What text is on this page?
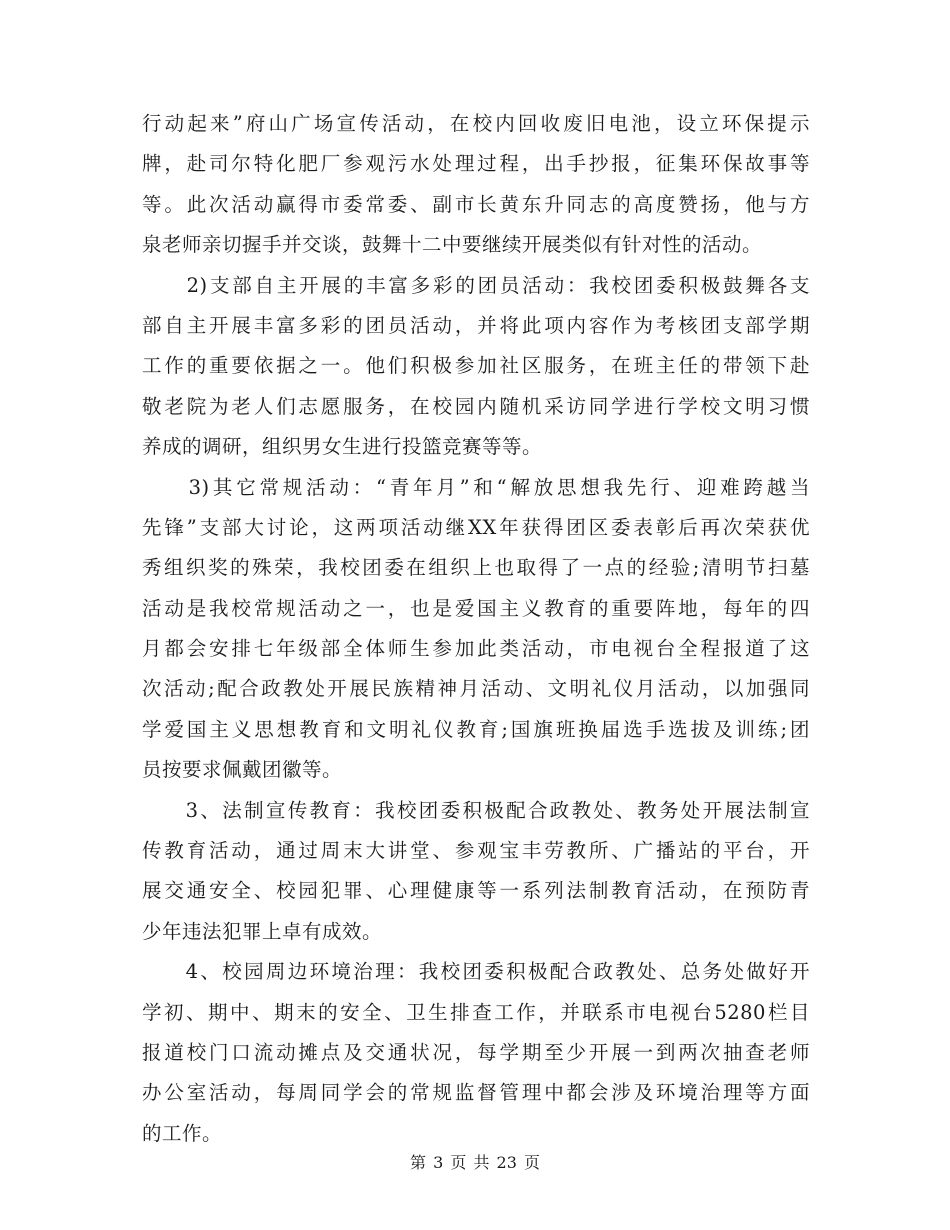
行动起来”府山广场宣传活动，在校内回收废旧电池，设立环保提示
牌，赴司尔特化肥厂参观污水处理过程，出手抄报，征集环保故事等
等。此次活动赢得市委常委、副市长黄东升同志的高度赞扬，他与方
泉老师亲切握手并交谈，鼓舞十二中要继续开展类似有针对性的活动。
　　2)支部自主开展的丰富多彩的团员活动：我校团委积极鼓舞各支
部自主开展丰富多彩的团员活动，并将此项内容作为考核团支部学期
工作的重要依据之一。他们积极参加社区服务，在班主任的带领下赴
敬老院为老人们志愿服务，在校园内随机采访同学进行学校文明习惯
养成的调研，组织男女生进行投篮竞赛等等。
　　3)其它常规活动：“青年月”和“解放思想我先行、迎难跨越当
先锋”支部大讨论，这两项活动继XX年获得团区委表彰后再次荣获优
秀组织奖的殊荣，我校团委在组织上也取得了一点的经验;清明节扫墓
活动是我校常规活动之一，也是爱国主义教育的重要阵地，每年的四
月都会安排七年级部全体师生参加此类活动，市电视台全程报道了这
次活动;配合政教处开展民族精神月活动、文明礼仪月活动，以加强同
学爱国主义思想教育和文明礼仪教育;国旗班换届选手选拔及训练;团
员按要求佩戴团徽等。
　　3、法制宣传教育：我校团委积极配合政教处、教务处开展法制宣
传教育活动，通过周末大讲堂、参观宝丰劳教所、广播站的平台，开
展交通安全、校园犯罪、心理健康等一系列法制教育活动，在预防青
少年违法犯罪上卓有成效。
　　4、校园周边环境治理：我校团委积极配合政教处、总务处做好开
学初、期中、期末的安全、卫生排查工作，并联系市电视台5280栏目
报道校门口流动摊点及交通状况，每学期至少开展一到两次抽查老师
办公室活动，每周同学会的常规监督管理中都会涉及环境治理等方面
的工作。
第 3 页 共 23 页
